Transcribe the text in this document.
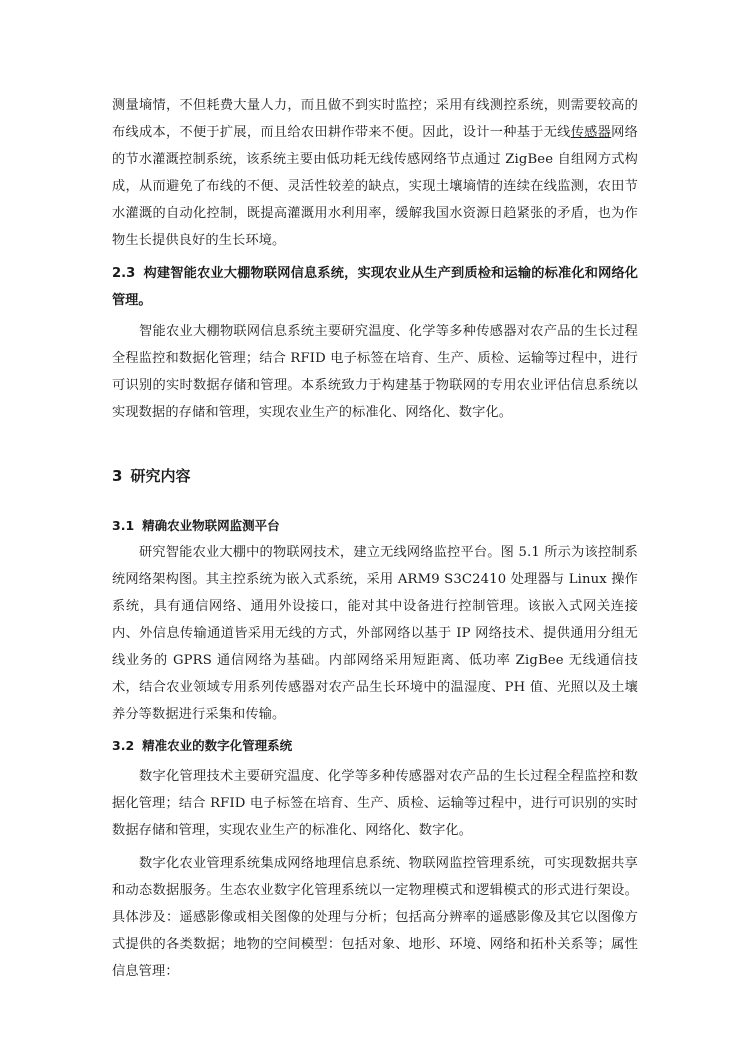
测量墒情，不但耗费大量人力，而且做不到实时监控；采用有线测控系统，则需要较高的布线成本，不便于扩展，而且给农田耕作带来不便。因此，设计一种基于无线传感器网络的节水灌溉控制系统，该系统主要由低功耗无线传感网络节点通过 ZigBee 自组网方式构成，从而避免了布线的不便、灵活性较差的缺点，实现土壤墒情的连续在线监测，农田节水灌溉的自动化控制，既提高灌溉用水利用率，缓解我国水资源日趋紧张的矛盾，也为作物生长提供良好的生长环境。

2.3 构建智能农业大棚物联网信息系统，实现农业从生产到质检和运输的标准化和网络化管理。

智能农业大棚物联网信息系统主要研究温度、化学等多种传感器对农产品的生长过程全程监控和数据化管理；结合 RFID 电子标签在培育、生产、质检、运输等过程中，进行可识别的实时数据存储和管理。本系统致力于构建基于物联网的专用农业评估信息系统以实现数据的存储和管理，实现农业生产的标准化、网络化、数字化。

3 研究内容

3.1 精确农业物联网监测平台

研究智能农业大棚中的物联网技术，建立无线网络监控平台。图 5.1 所示为该控制系统网络架构图。其主控系统为嵌入式系统，采用 ARM9 S3C2410 处理器与 Linux 操作系统，具有通信网络、通用外设接口，能对其中设备进行控制管理。该嵌入式网关连接内、外信息传输通道皆采用无线的方式，外部网络以基于 IP 网络技术、提供通用分组无线业务的 GPRS 通信网络为基础。内部网络采用短距离、低功率 ZigBee 无线通信技术，结合农业领域专用系列传感器对农产品生长环境中的温湿度、PH 值、光照以及土壤养分等数据进行采集和传输。

3.2 精准农业的数字化管理系统

数字化管理技术主要研究温度、化学等多种传感器对农产品的生长过程全程监控和数据化管理；结合 RFID 电子标签在培育、生产、质检、运输等过程中，进行可识别的实时数据存储和管理，实现农业生产的标准化、网络化、数字化。

数字化农业管理系统集成网络地理信息系统、物联网监控管理系统，可实现数据共享和动态数据服务。生态农业数字化管理系统以一定物理模式和逻辑模式的形式进行架设。具体涉及：遥感影像或相关图像的处理与分析；包括高分辨率的遥感影像及其它以图像方式提供的各类数据；地物的空间模型：包括对象、地形、环境、网络和拓朴关系等；属性信息管理：
